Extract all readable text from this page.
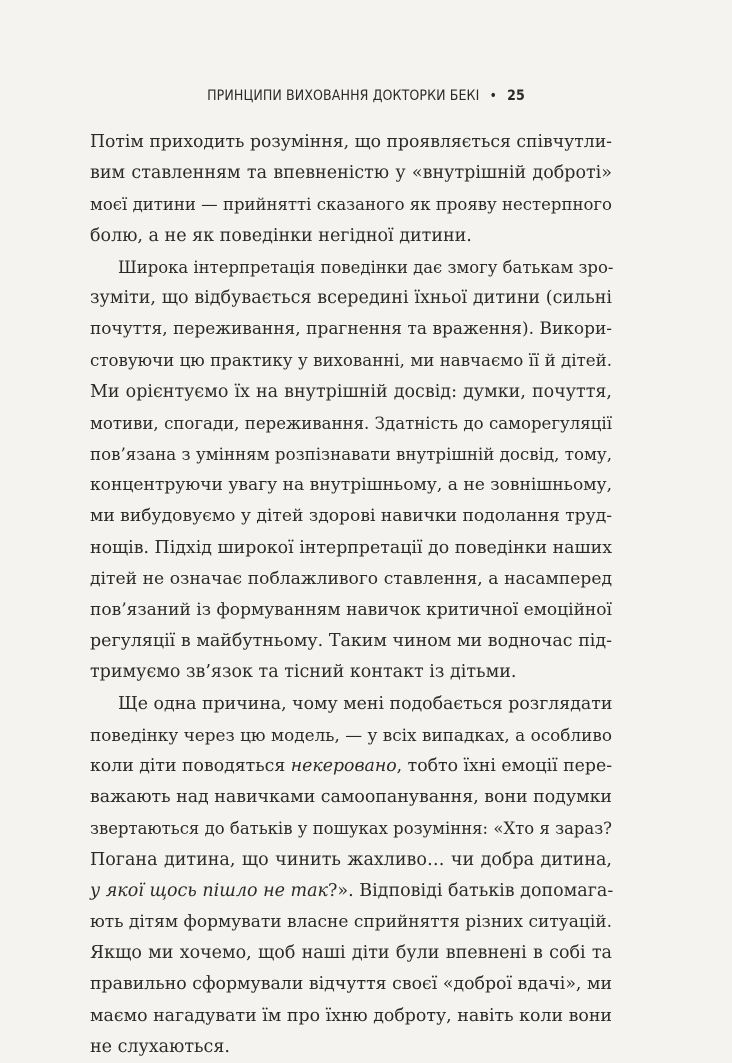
ПРИНЦИПИ ВИХОВАННЯ ДОКТОРКИ БЕКІ • 25
Потім приходить розуміння, що проявляється співчутли-
вим ставленням та впевненістю у «внутрішній доброті»
моєї дитини — прийнятті сказаного як прояву нестерпного
болю, а не як поведінки негідної дитини.
Широка інтерпретація поведінки дає змогу батькам зро-
зуміти, що відбувається всередині їхньої дитини (сильні
почуття, переживання, прагнення та враження). Викори-
стовуючи цю практику у вихованні, ми навчаємо її й дітей.
Ми орієнтуємо їх на внутрішній досвід: думки, почуття,
мотиви, спогади, переживання. Здатність до саморегуляції
пов’язана з умінням розпізнавати внутрішній досвід, тому,
концентруючи увагу на внутрішньому, а не зовнішньому,
ми вибудовуємо у дітей здорові навички подолання труд-
нощів. Підхід широкої інтерпретації до поведінки наших
дітей не означає поблажливого ставлення, а насамперед
пов’язаний із формуванням навичок критичної емоційної
регуляції в майбутньому. Таким чином ми водночас під-
тримуємо зв’язок та тісний контакт із дітьми.
Ще одна причина, чому мені подобається розглядати
поведінку через цю модель, — у всіх випадках, а особливо
коли діти поводяться некеровано, тобто їхні емоції пере-
важають над навичками самоопанування, вони подумки
звертаються до батьків у пошуках розуміння: «Хто я зараз?
Погана дитина, що чинить жахливо… чи добра дитина,
у якої щось пішло не так?». Відповіді батьків допомага-
ють дітям формувати власне сприйняття різних ситуацій.
Якщо ми хочемо, щоб наші діти були впевнені в собі та
правильно сформували відчуття своєї «доброї вдачі», ми
маємо нагадувати їм про їхню доброту, навіть коли вони
не слухаються.
